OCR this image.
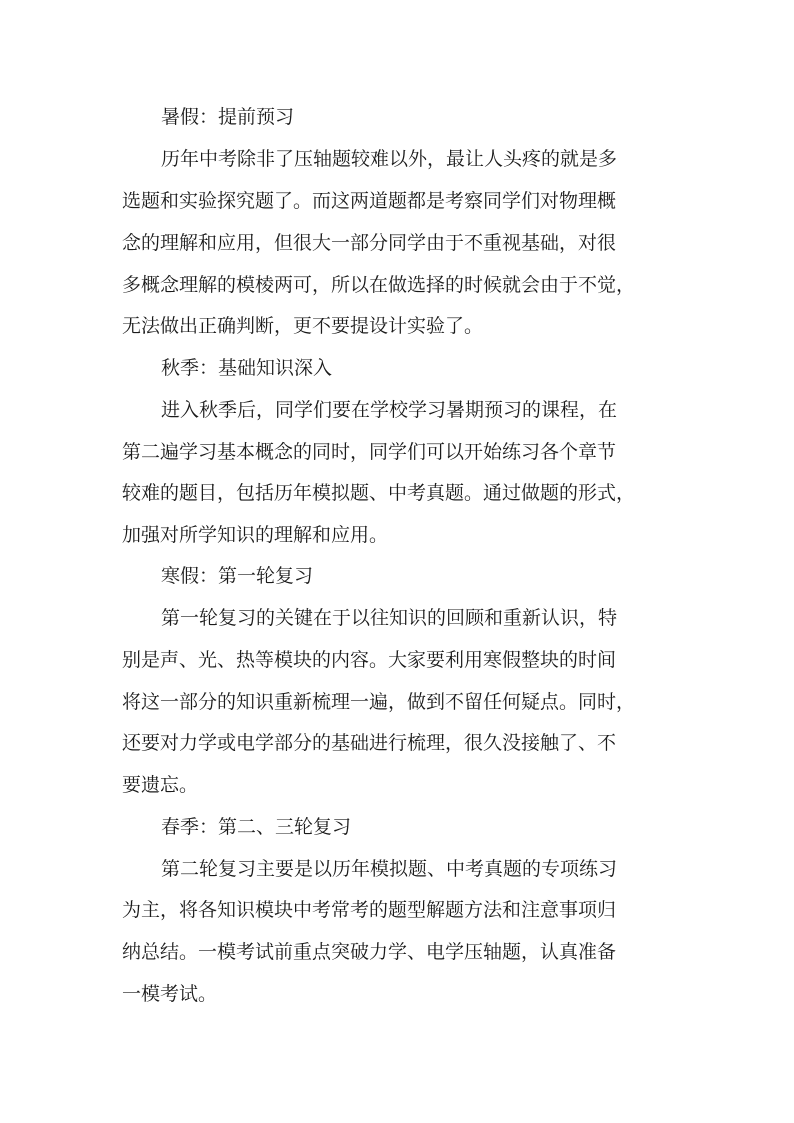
暑假：提前预习
历年中考除非了压轴题较难以外，最让人头疼的就是多
选题和实验探究题了。而这两道题都是考察同学们对物理概
念的理解和应用，但很大一部分同学由于不重视基础，对很
多概念理解的模棱两可，所以在做选择的时候就会由于不觉，
无法做出正确判断，更不要提设计实验了。
秋季：基础知识深入
进入秋季后，同学们要在学校学习暑期预习的课程，在
第二遍学习基本概念的同时，同学们可以开始练习各个章节
较难的题目，包括历年模拟题、中考真题。通过做题的形式，
加强对所学知识的理解和应用。
寒假：第一轮复习
第一轮复习的关键在于以往知识的回顾和重新认识，特
别是声、光、热等模块的内容。大家要利用寒假整块的时间
将这一部分的知识重新梳理一遍，做到不留任何疑点。同时，
还要对力学或电学部分的基础进行梳理，很久没接触了、不
要遗忘。
春季：第二、三轮复习
第二轮复习主要是以历年模拟题、中考真题的专项练习
为主，将各知识模块中考常考的题型解题方法和注意事项归
纳总结。一模考试前重点突破力学、电学压轴题，认真准备
一模考试。
